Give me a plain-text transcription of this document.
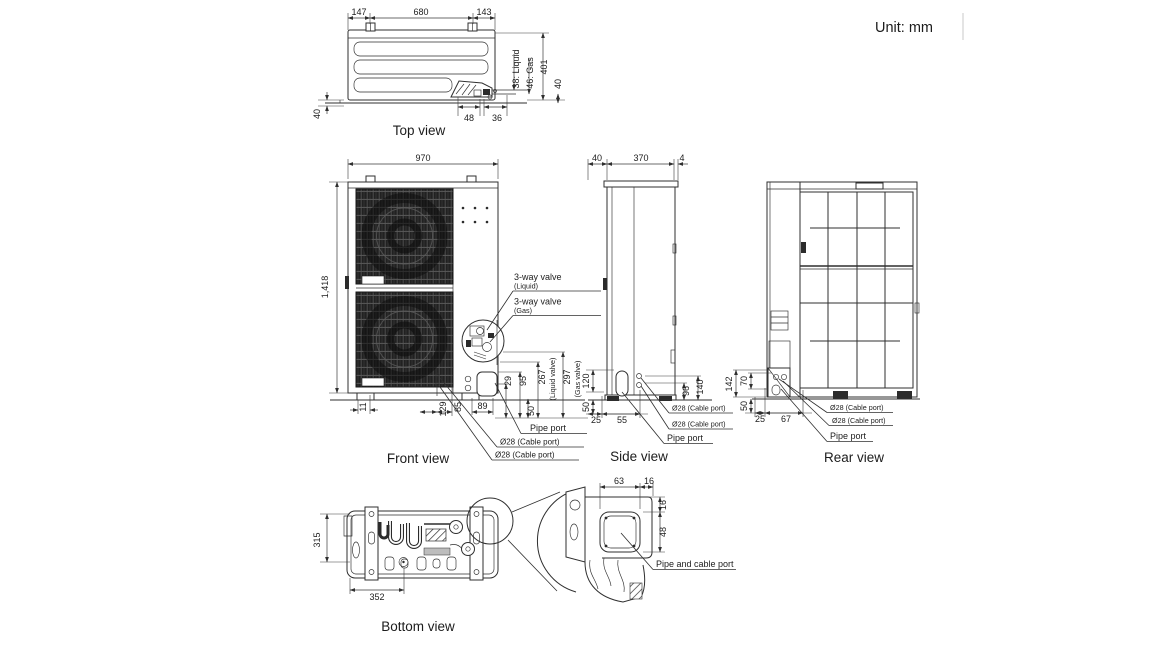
Unit: mm
147	680	143
40	48 36
38: Liquid 46: Gas 401
40
Top view
3-way valve
(Liquid)
3-way valve
(Gas)
970
1,418
11	129 85 89
29 95
50
267 (Liquid valve) 297 (Gas valve)
Pipe port
Ø28 (Cable port)
Ø28 (Cable port)
Front view
40	370	4
120
50
25 55
96 140
Ø28 (Cable port)
Ø28 (Cable port)
Pipe port
Side view
142 70
50
25 67
Ø28 (Cable port)
Ø28 (Cable port)
Pipe port
Rear view
315
352
Bottom view
63 16
16
48
Pipe and cable port
